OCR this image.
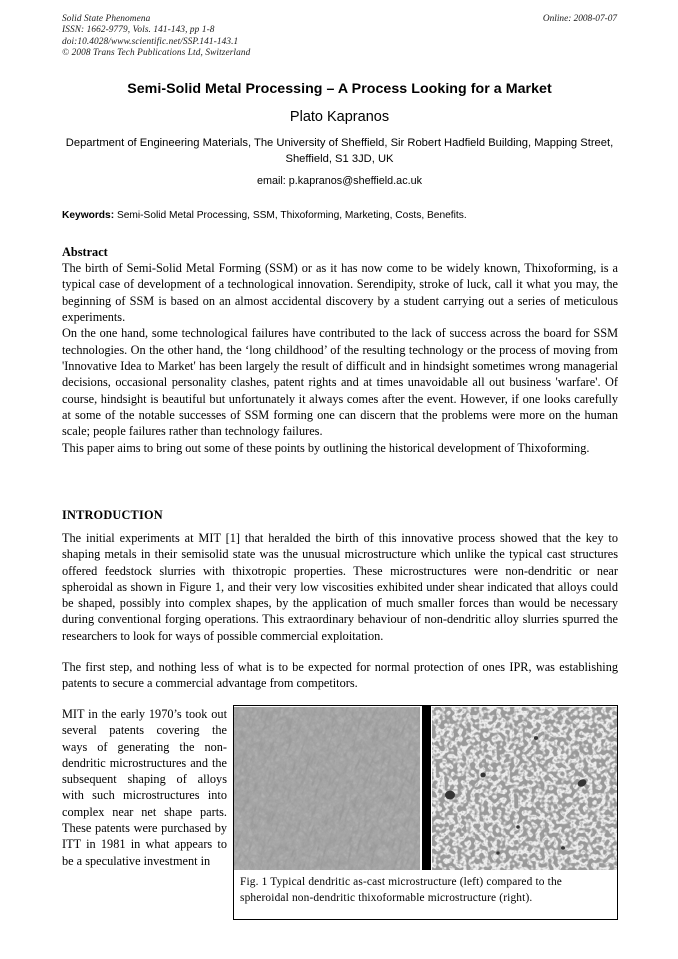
Solid State Phenomena
ISSN: 1662-9779, Vols. 141-143, pp 1-8
doi:10.4028/www.scientific.net/SSP.141-143.1
© 2008 Trans Tech Publications Ltd, Switzerland
Online: 2008-07-07
Semi-Solid Metal Processing – A Process Looking for a Market
Plato Kapranos
Department of Engineering Materials, The University of Sheffield, Sir Robert Hadfield Building, Mapping Street, Sheffield, S1 3JD, UK
email: p.kapranos@sheffield.ac.uk
Keywords: Semi-Solid Metal Processing, SSM, Thixoforming, Marketing, Costs, Benefits.
Abstract

The birth of Semi-Solid Metal Forming (SSM) or as it has now come to be widely known, Thixoforming, is a typical case of development of a technological innovation. Serendipity, stroke of luck, call it what you may, the beginning of SSM is based on an almost accidental discovery by a student carrying out a series of meticulous experiments.

On the one hand, some technological failures have contributed to the lack of success across the board for SSM technologies. On the other hand, the ‘long childhood’ of the resulting technology or the process of moving from 'Innovative Idea to Market' has been largely the result of difficult and in hindsight sometimes wrong managerial decisions, occasional personality clashes, patent rights and at times unavoidable all out business 'warfare'. Of course, hindsight is beautiful but unfortunately it always comes after the event. However, if one looks carefully at some of the notable successes of SSM forming one can discern that the problems were more on the human scale; people failures rather than technology failures.

This paper aims to bring out some of these points by outlining the historical development of Thixoforming.

INTRODUCTION

The initial experiments at MIT [1] that heralded the birth of this innovative process showed that the key to shaping metals in their semisolid state was the unusual microstructure which unlike the typical cast structures offered feedstock slurries with thixotropic properties. These microstructures were non-dendritic or near spheroidal as shown in Figure 1, and their very low viscosities exhibited under shear indicated that alloys could be shaped, possibly into complex shapes, by the application of much smaller forces than would be necessary during conventional forging operations. This extraordinary behaviour of non-dendritic alloy slurries spurred the researchers to look for ways of possible commercial exploitation.

The first step, and nothing less of what is to be expected for normal protection of ones IPR, was establishing patents to secure a commercial advantage from competitors.

MIT in the early 1970’s took out several patents covering the ways of generating the non-dendritic microstructures and the subsequent shaping of alloys with such microstructures into complex near net shape parts. These patents were purchased by ITT in 1981 in what appears to be a speculative investment in

Fig. 1 Typical dendritic as-cast microstructure (left) compared to the spheroidal non-dendritic thixoformable microstructure (right).
